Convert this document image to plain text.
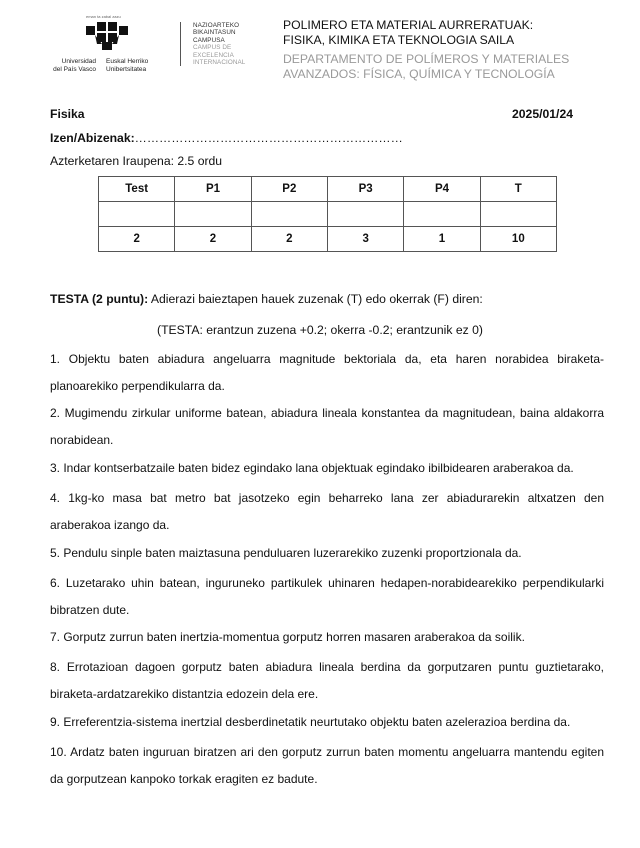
eman ta zabal zazu
Universidad
del País Vasco
Euskal Herriko
Unibertsitatea
NAZIOARTEKO
BIKAINTASUN
CAMPUSA
CAMPUS DE
EXCELENCIA
INTERNACIONAL
POLIMERO ETA MATERIAL AURRERATUAK:
FISIKA, KIMIKA ETA TEKNOLOGIA SAILA
DEPARTAMENTO DE POLÍMEROS Y MATERIALES
AVANZADOS: FÍSICA, QUÍMICA Y TECNOLOGÍA
Fisika	2025/01/24
Izen/Abizenak:…………………………………………………………
Azterketaren Iraupena: 2.5 ordu
Test	P1	P2	P3	P4	T

2	2	2	3	1	10
TESTA (2 puntu): Adierazi baieztapen hauek zuzenak (T) edo okerrak (F) diren:
(TESTA: erantzun zuzena +0.2; okerra -0.2; erantzunik ez 0)
1. Objektu baten abiadura angeluarra magnitude bektoriala da, eta haren norabidea biraketa-planoarekiko perpendikularra da.
2. Mugimendu zirkular uniforme batean, abiadura lineala konstantea da magnitudean, baina aldakorra norabidean.
3. Indar kontserbatzaile baten bidez egindako lana objektuak egindako ibilbidearen araberakoa da.
4. 1kg-ko masa bat metro bat jasotzeko egin beharreko lana zer abiadurarekin altxatzen den araberakoa izango da.
5. Pendulu sinple baten maiztasuna penduluaren luzerarekiko zuzenki proportzionala da.
6. Luzetarako uhin batean, inguruneko partikulek uhinaren hedapen-norabidearekiko perpendikularki bibratzen dute.
7. Gorputz zurrun baten inertzia-momentua gorputz horren masaren araberakoa da soilik.
8. Errotazioan dagoen gorputz baten abiadura lineala berdina da gorputzaren puntu guztietarako, biraketa-ardatzarekiko distantzia edozein dela ere.
9. Erreferentzia-sistema inertzial desberdinetatik neurtutako objektu baten azelerazioa berdina da.
10. Ardatz baten inguruan biratzen ari den gorputz zurrun baten momentu angeluarra mantendu egiten da gorputzean kanpoko torkak eragiten ez badute.
